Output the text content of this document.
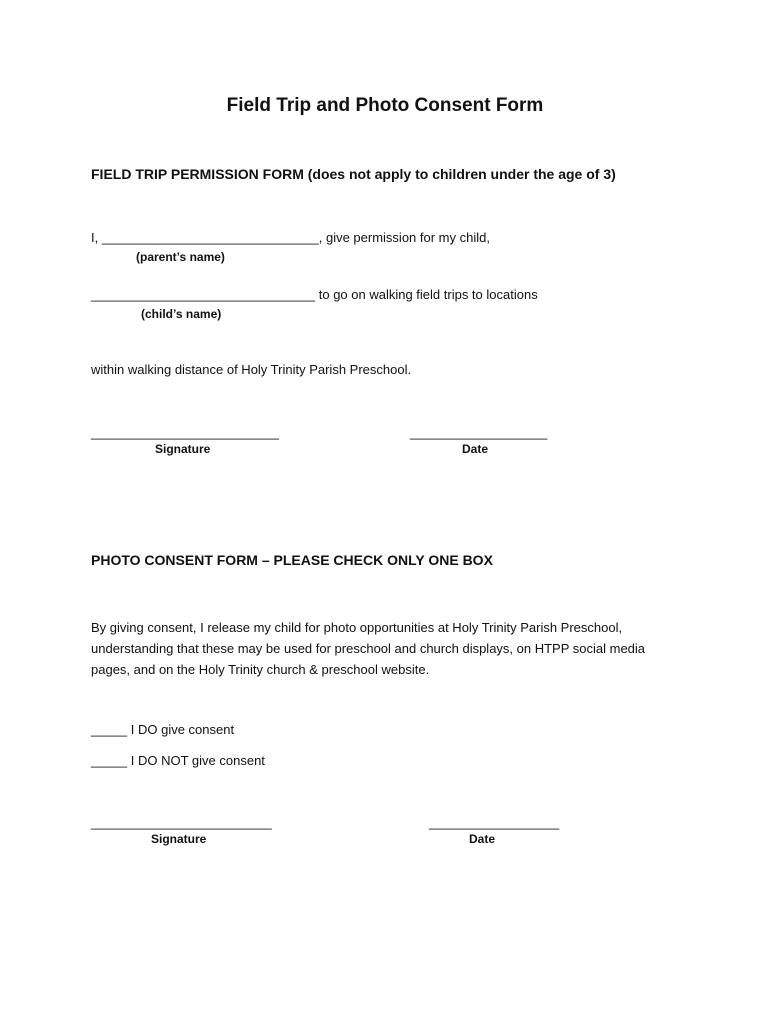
Field Trip and Photo Consent Form
FIELD TRIP PERMISSION FORM (does not apply to children under the age of 3)
I, ______________________________, give permission for my child,
(parent’s name)
_______________________________ to go on walking field trips to locations
(child’s name)
within walking distance of Holy Trinity Parish Preschool.
__________________________
Signature
___________________
Date
PHOTO CONSENT FORM – PLEASE CHECK ONLY ONE BOX
By giving consent, I release my child for photo opportunities at Holy Trinity Parish Preschool,
understanding that these may be used for preschool and church displays, on HTPP social media
pages, and on the Holy Trinity church & preschool website.
_____ I DO give consent
_____ I DO NOT give consent
_________________________
Signature
__________________
Date
